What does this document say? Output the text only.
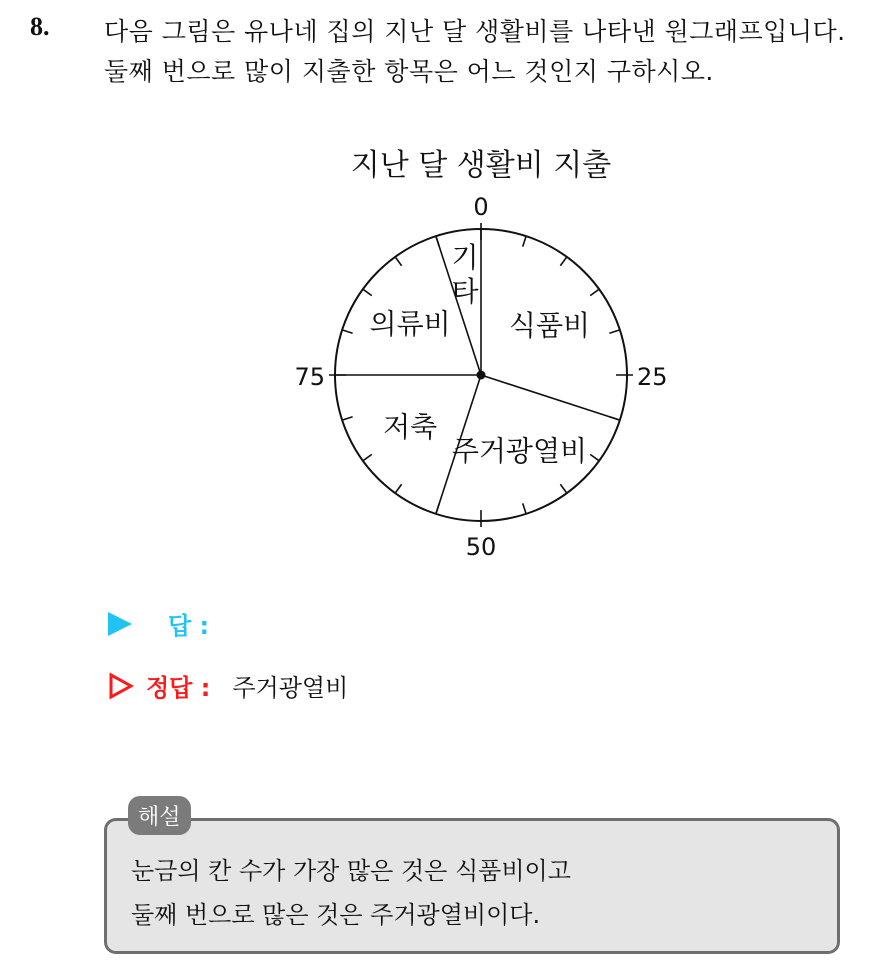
8. 다음 그림은 유나네 집의 지난 달 생활비를 나타낸 원그래프입니다.
둘째 번으로 많이 지출한 항목은 어느 것인지 구하시오.
지난 달 생활비 지출
0
25
50
75
식품비
주거광열비
저축
의류비
기
타
답 :
정답 : 주거광열비
해설
눈금의 칸 수가 가장 많은 것은 식품비이고
둘째 번으로 많은 것은 주거광열비이다.
